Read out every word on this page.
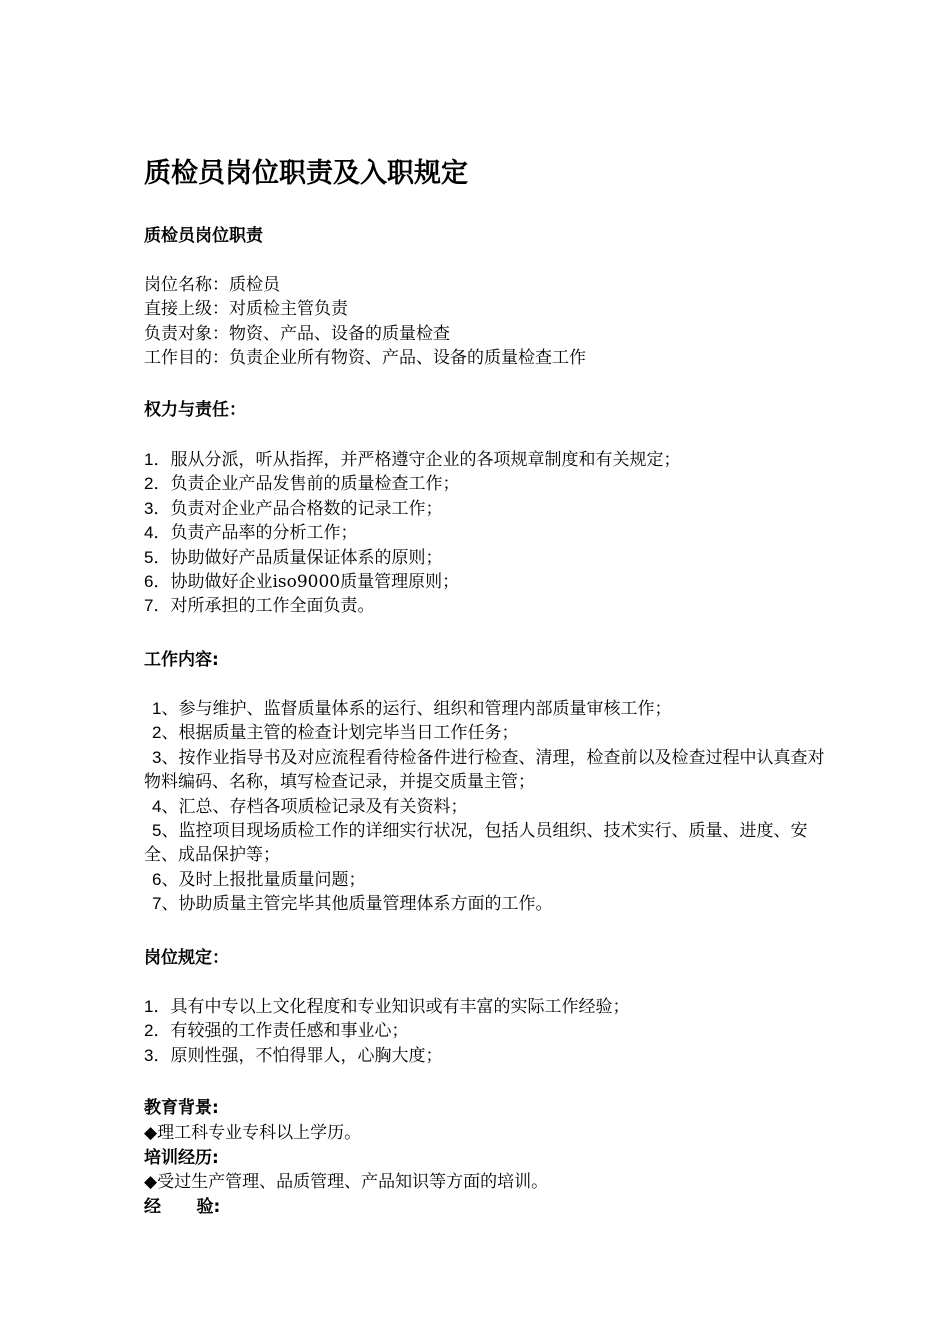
质检员岗位职责及入职规定
质检员岗位职责
岗位名称：质检员
直接上级：对质检主管负责
负责对象：物资、产品、设备的质量检查
工作目的：负责企业所有物资、产品、设备的质量检查工作
权力与责任：
1．服从分派，听从指挥，并严格遵守企业的各项规章制度和有关规定；
2．负责企业产品发售前的质量检查工作；
3．负责对企业产品合格数的记录工作；
4．负责产品率的分析工作；
5．协助做好产品质量保证体系的原则；
6．协助做好企业iso9000质量管理原则；
7．对所承担的工作全面负责。
工作内容:
1、参与维护、监督质量体系的运行、组织和管理内部质量审核工作；
2、根据质量主管的检查计划完毕当日工作任务；
3、按作业指导书及对应流程看待检备件进行检查、清理，检查前以及检查过程中认真查对物料编码、名称，填写检查记录，并提交质量主管；
4、汇总、存档各项质检记录及有关资料；
5、监控项目现场质检工作的详细实行状况，包括人员组织、技术实行、质量、进度、安全、成品保护等；
6、及时上报批量质量问题；
7、协助质量主管完毕其他质量管理体系方面的工作。
岗位规定：
1．具有中专以上文化程度和专业知识或有丰富的实际工作经验；
2．有较强的工作责任感和事业心；
3．原则性强，不怕得罪人，心胸大度；
教育背景:
◆理工科专业专科以上学历。
培训经历:
◆受过生产管理、品质管理、产品知识等方面的培训。
经      验:
